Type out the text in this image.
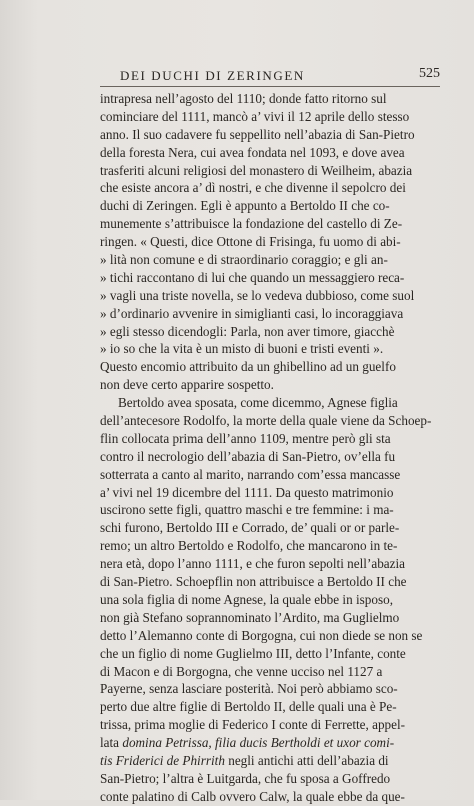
DEI DUCHI DI ZERINGEN	525
intrapresa nell’agosto del 1110; donde fatto ritorno sul
cominciare del 1111, mancò a’ vivi il 12 aprile dello stesso
anno. Il suo cadavere fu seppellito nell’abazia di San-Pietro
della foresta Nera, cui avea fondata nel 1093, e dove avea
trasferiti alcuni religiosi del monastero di Weilheim, abazia
che esiste ancora a’ dì nostri, e che divenne il sepolcro dei
duchi di Zeringen. Egli è appunto a Bertoldo II che co-
munemente s’attribuisce la fondazione del castello di Ze-
ringen. « Questi, dice Ottone di Frisinga, fu uomo di abi-
» lità non comune e di straordinario coraggio; e gli an-
» tichi raccontano di lui che quando un messaggiero reca-
» vagli una triste novella, se lo vedeva dubbioso, come suol
» d’ordinario avvenire in simiglianti casi, lo incoraggiava
» egli stesso dicendogli: Parla, non aver timore, giacchè
» io so che la vita è un misto di buoni e tristi eventi ».
Questo encomio attribuito da un ghibellino ad un guelfo
non deve certo apparire sospetto.
Bertoldo avea sposata, come dicemmo, Agnese figlia
dell’antecesore Rodolfo, la morte della quale viene da Schoep-
flin collocata prima dell’anno 1109, mentre però gli sta
contro il necrologio dell’abazia di San-Pietro, ov’ella fu
sotterrata a canto al marito, narrando com’essa mancasse
a’ vivi nel 19 dicembre del 1111. Da questo matrimonio
uscirono sette figli, quattro maschi e tre femmine: i ma-
schi furono, Bertoldo III e Corrado, de’ quali or or parle-
remo; un altro Bertoldo e Rodolfo, che mancarono in te-
nera età, dopo l’anno 1111, e che furon sepolti nell’abazia
di San-Pietro. Schoepflin non attribuisce a Bertoldo II che
una sola figlia di nome Agnese, la quale ebbe in isposo,
non già Stefano soprannominato l’Ardito, ma Guglielmo
detto l’Alemanno conte di Borgogna, cui non diede se non se
che un figlio di nome Guglielmo III, detto l’Infante, conte
di Macon e di Borgogna, che venne ucciso nel 1127 a
Payerne, senza lasciare posterità. Noi però abbiamo sco-
perto due altre figlie di Bertoldo II, delle quali una è Pe-
trissa, prima moglie di Federico I conte di Ferrette, appel-
lata domina Petrissa, filia ducis Bertholdi et uxor comi-
tis Friderici de Phirrith negli antichi atti dell’abazia di
San-Pietro; l’altra è Luitgarda, che fu sposa a Goffredo
conte palatino di Calb ovvero Calw, la quale ebbe da que-
